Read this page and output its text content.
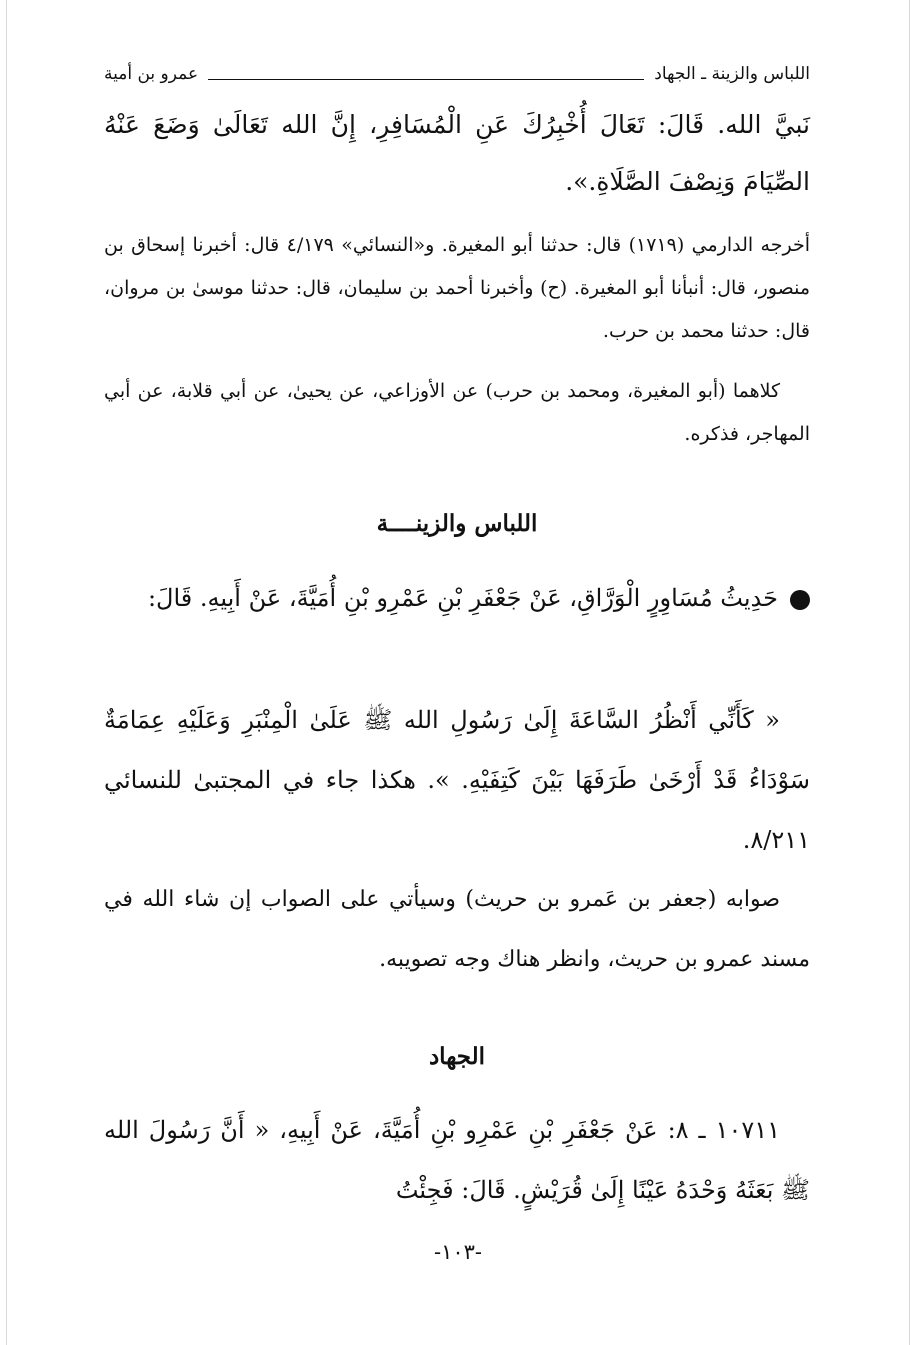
اللباس والزينة ـ الجهاد
عمرو بن أمية

نَبيَّ الله. قَالَ: تَعَالَ أُخْبِرُكَ عَنِ الْمُسَافِرِ، إِنَّ الله تَعَالَىٰ وَضَعَ عَنْهُ الصِّيَامَ وَنِصْفَ الصَّلَاةِ.».

أخرجه الدارمي (١٧١٩) قال: حدثنا أبو المغيرة. و«النسائي» ٤/١٧٩ قال: أخبرنا إسحاق بن منصور، قال: أنبأنا أبو المغيرة. (ح) وأخبرنا أحمد بن سليمان، قال: حدثنا موسىٰ بن مروان، قال: حدثنا محمد بن حرب.

كلاهما (أبو المغيرة، ومحمد بن حرب) عن الأوزاعي، عن يحيىٰ، عن أبي قلابة، عن أبي المهاجر، فذكره.

اللباس والزينــــة

حَدِيثُ مُسَاوِرٍ الْوَرَّاقِ، عَنْ جَعْفَرِ بْنِ عَمْرِو بْنِ أُمَيَّةَ، عَنْ أَبِيهِ. قَالَ:

« كَأَنِّي أَنْظُرُ السَّاعَةَ إِلَىٰ رَسُولِ الله ﷺ عَلَىٰ الْمِنْبَرِ وَعَلَيْهِ عِمَامَةٌ سَوْدَاءُ قَدْ أَرْخَىٰ طَرَفَهَا بَيْنَ كَتِفَيْهِ. ». هكذا جاء في المجتبىٰ للنسائي ٨/٢١١.

صوابه (جعفر بن عَمرو بن حريث) وسيأتي على الصواب إن شاء الله في مسند عمرو بن حريث، وانظر هناك وجه تصويبه.

الجهاد

١٠٧١١ ـ ٨: عَنْ جَعْفَرِ بْنِ عَمْرِو بْنِ أُمَيَّةَ، عَنْ أَبِيهِ، « أَنَّ رَسُولَ الله ﷺ بَعَثَهُ وَحْدَهُ عَيْنًا إِلَىٰ قُرَيْشٍ. قَالَ: فَجِئْتُ

-١٠٣-
